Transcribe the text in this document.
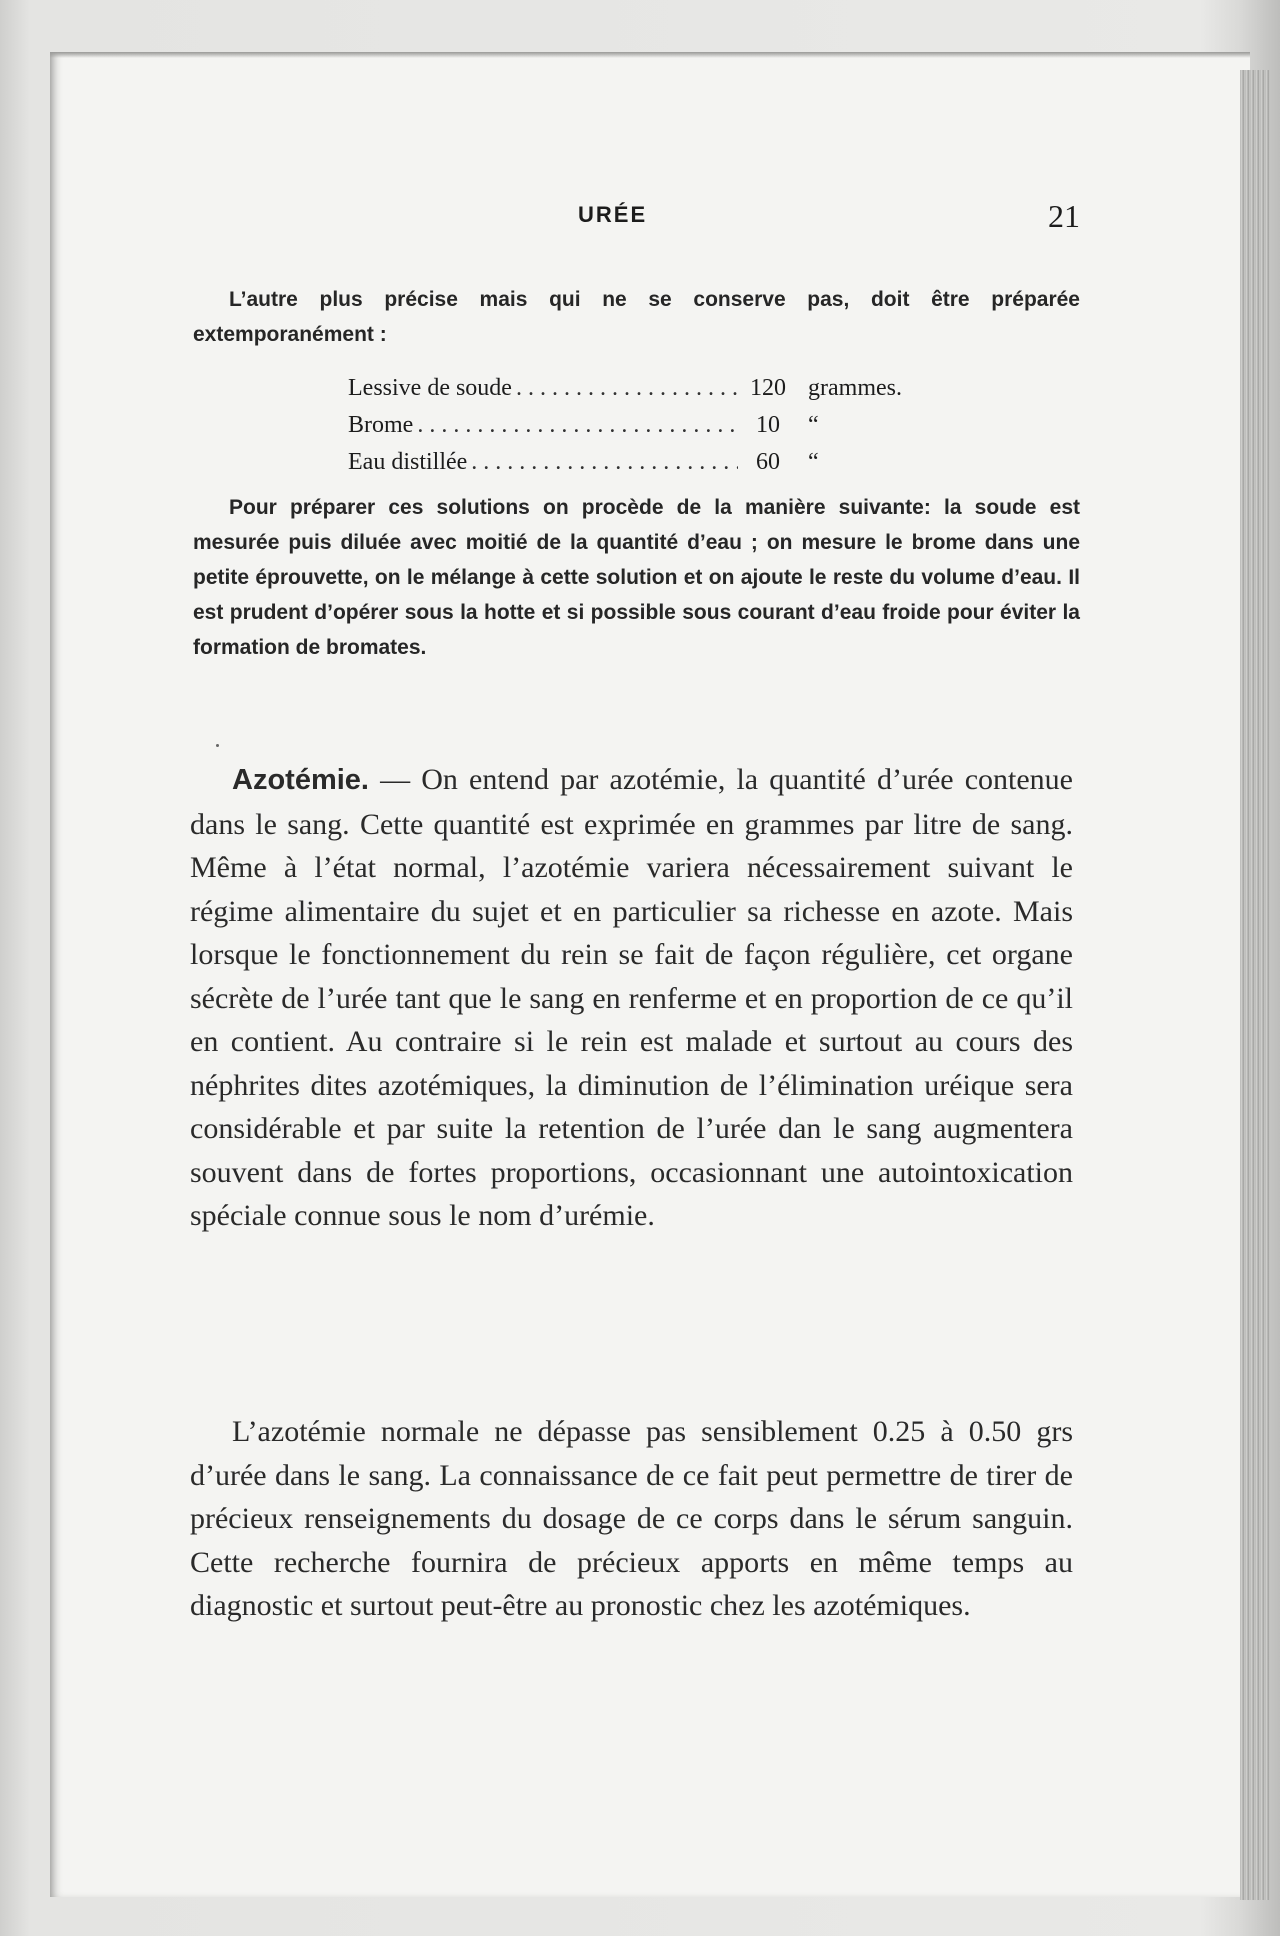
URÉE	21

L’autre plus précise mais qui ne se conserve pas, doit être préparée extemporanément :

Lessive de soude . . .	120 grammes.
Brome . . .	10	“
Eau distillée . . .	60	“

Pour préparer ces solutions on procède de la manière suivante: la soude est mesurée puis diluée avec moitié de la quantité d’eau ; on mesure le brome dans une petite éprouvette, on le mélange à cette solution et on ajoute le reste du volume d’eau. Il est prudent d’opérer sous la hotte et si possible sous courant d’eau froide pour éviter la formation de bromates.

Azotémie. — On entend par azotémie, la quantité d’urée contenue dans le sang. Cette quantité est exprimée en grammes par litre de sang. Même à l’état normal, l’azotémie variera nécessairement suivant le régime alimentaire du sujet et en particulier sa richesse en azote. Mais lorsque le fonctionnement du rein se fait de façon régulière, cet organe sécrète de l’urée tant que le sang en renferme et en proportion de ce qu’il en contient. Au contraire si le rein est malade et surtout au cours des néphrites dites azotémiques, la diminution de l’élimination uréique sera considérable et par suite la retention de l’urée dan le sang augmentera souvent dans de fortes proportions, occasionnant une autointoxication spéciale connue sous le nom d’urémie.

L’azotémie normale ne dépasse pas sensiblement 0.25 à 0.50 grs d’urée dans le sang. La connaissance de ce fait peut permettre de tirer de précieux renseignements du dosage de ce corps dans le sérum sanguin. Cette recherche fournira de précieux apports en même temps au diagnostic et surtout peut-être au pronostic chez les azotémiques.
